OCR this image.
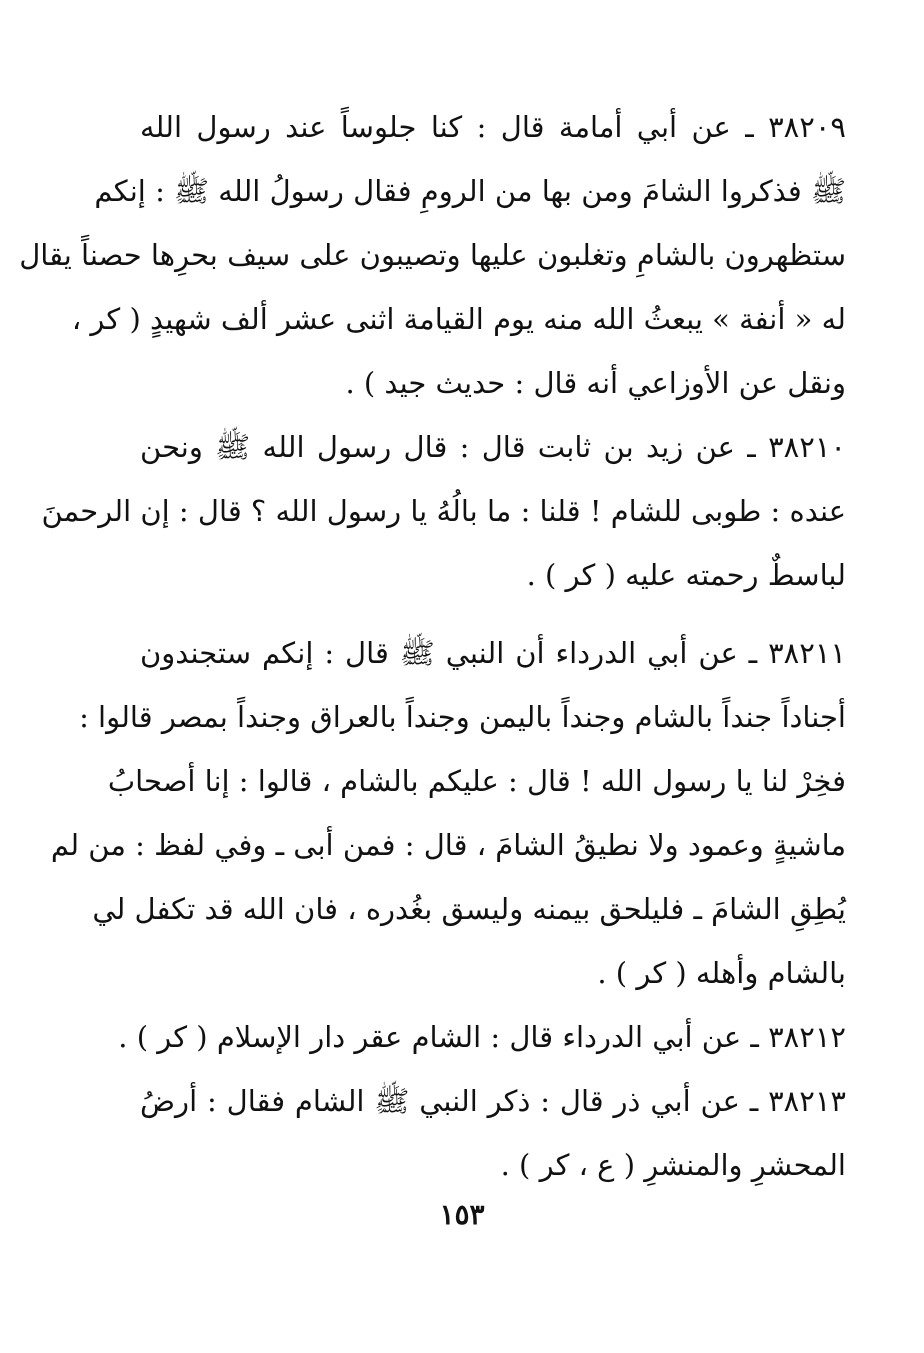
٣٨٢٠٩ ـ عن أبي أمامة قال : كنا جلوساً عند رسول الله
ﷺ فذكروا الشامَ ومن بها من الرومِ فقال رسولُ الله ﷺ : إنكم
ستظهرون بالشامِ وتغلبون عليها وتصيبون على سيف بحرِها حصناً يقال
له « أنفة » يبعثُ الله منه يوم القيامة اثنى عشر ألف شهيدٍ ( كر ،
ونقل عن الأوزاعي أنه قال : حديث جيد ) .
٣٨٢١٠ ـ عن زيد بن ثابت قال : قال رسول الله ﷺ ونحن
عنده : طوبى للشام ! قلنا : ما بالُهُ يا رسول الله ؟ قال : إن الرحمنَ
لباسطٌ رحمته عليه ( كر ) .
٣٨٢١١ ـ عن أبي الدرداء أن النبي ﷺ قال : إنكم ستجندون
أجناداً جنداً بالشام وجنداً باليمن وجنداً بالعراق وجنداً بمصر قالوا :
فخِرْ لنا يا رسول الله ! قال : عليكم بالشام ، قالوا : إنا أصحابُ
ماشيةٍ وعمود ولا نطيقُ الشامَ ، قال : فمن أبى ـ وفي لفظ : من لم
يُطِقِ الشامَ ـ فليلحق بيمنه وليسق بغُدره ، فان الله قد تكفل لي
بالشام وأهله ( كر ) .
٣٨٢١٢ ـ عن أبي الدرداء قال : الشام عقر دار الإسلام ( كر ) .
٣٨٢١٣ ـ عن أبي ذر قال : ذكر النبي ﷺ الشام فقال : أرضُ
المحشرِ والمنشرِ ( ع ، كر ) .
١٥٣
